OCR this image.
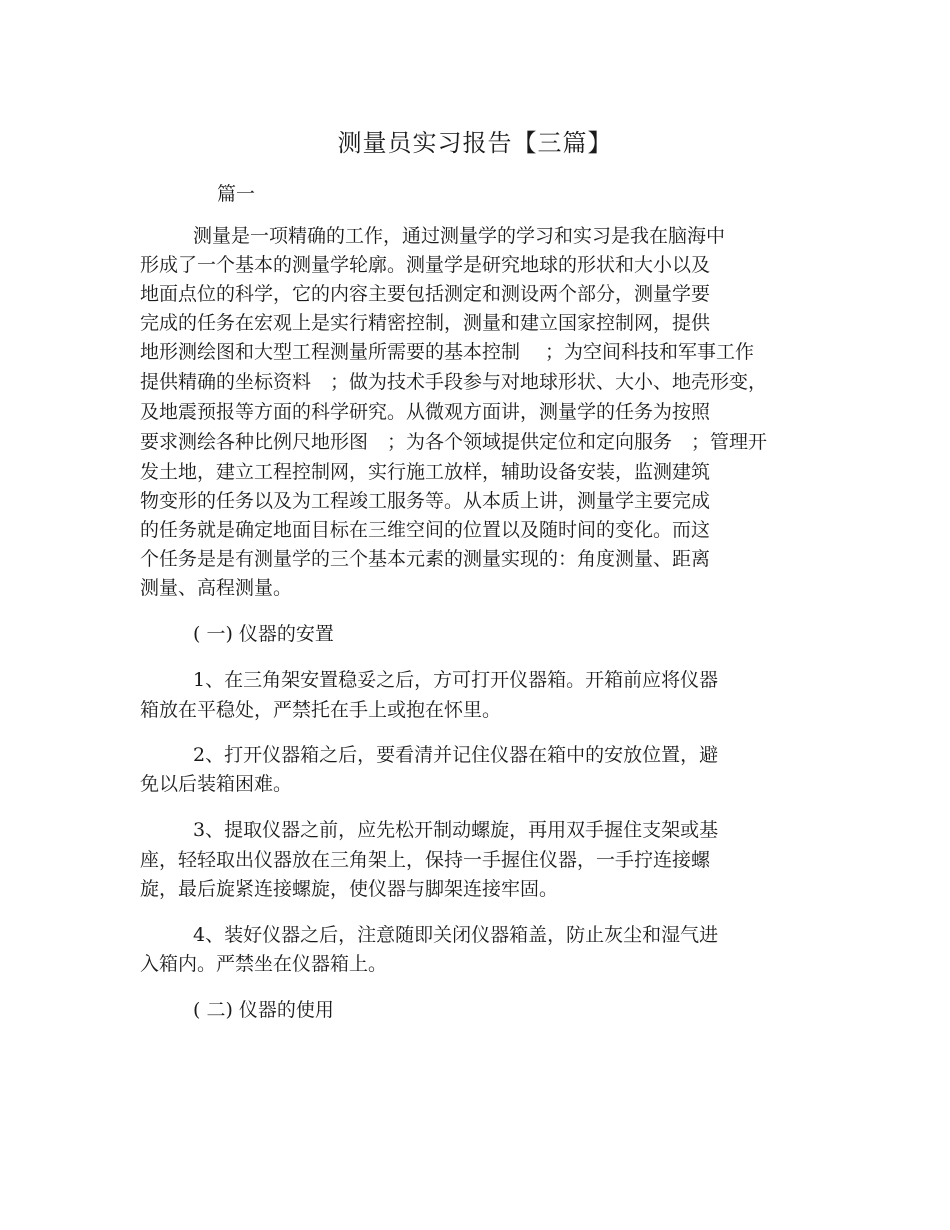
测量员实习报告【三篇】
篇一
测量是一项精确的工作，通过测量学的学习和实习是我在脑海中
形成了一个基本的测量学轮廓。测量学是研究地球的形状和大小以及
地面点位的科学，它的内容主要包括测定和测设两个部分，测量学要
完成的任务在宏观上是实行精密控制，测量和建立国家控制网，提供
地形测绘图和大型工程测量所需要的基本控制　 ；为空间科技和军事工作
提供精确的坐标资料　；做为技术手段参与对地球形状、大小、地壳形变，
及地震预报等方面的科学研究。从微观方面讲，测量学的任务为按照
要求测绘各种比例尺地形图　；为各个领域提供定位和定向服务　；管理开
发土地，建立工程控制网，实行施工放样，辅助设备安装，监测建筑
物变形的任务以及为工程竣工服务等。从本质上讲，测量学主要完成
的任务就是确定地面目标在三维空间的位置以及随时间的变化。而这
个任务是是有测量学的三个基本元素的测量实现的：角度测量、距离
测量、高程测量。
( 一) 仪器的安置
1、在三角架安置稳妥之后，方可打开仪器箱。开箱前应将仪器
箱放在平稳处，严禁托在手上或抱在怀里。
2、打开仪器箱之后，要看清并记住仪器在箱中的安放位置，避
免以后装箱困难。
3、提取仪器之前，应先松开制动螺旋，再用双手握住支架或基
座，轻轻取出仪器放在三角架上，保持一手握住仪器，一手拧连接螺
旋，最后旋紧连接螺旋，使仪器与脚架连接牢固。
4、装好仪器之后，注意随即关闭仪器箱盖，防止灰尘和湿气进
入箱内。严禁坐在仪器箱上。
( 二) 仪器的使用
